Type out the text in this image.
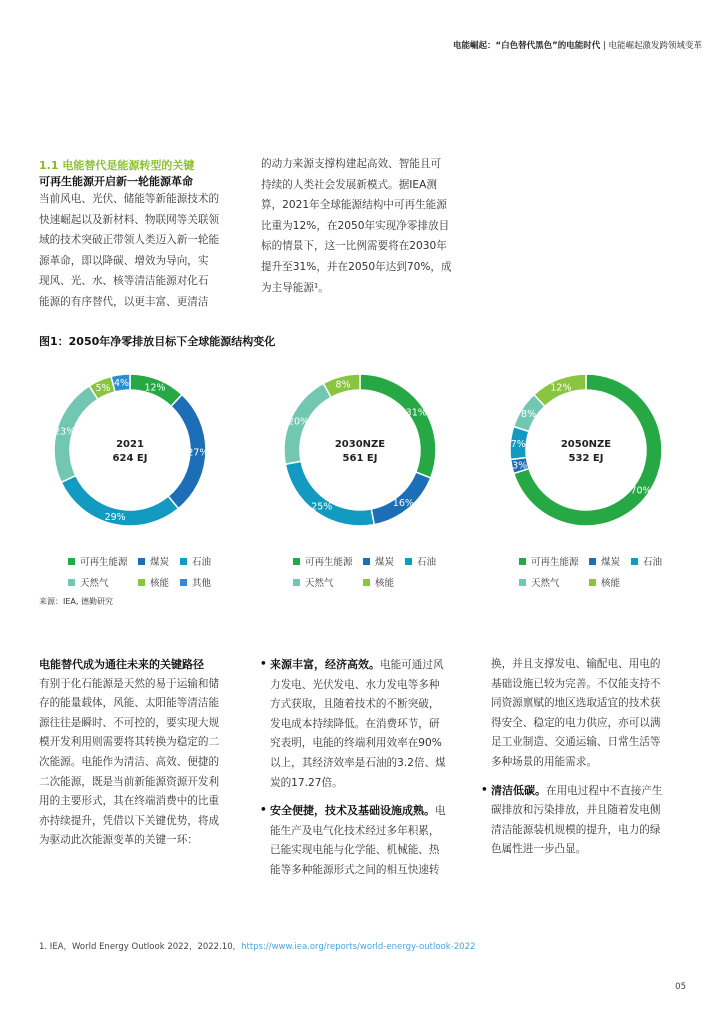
电能崛起：“白色替代黑色”的电能时代 | 电能崛起激发跨领域变革
1.1 电能替代是能源转型的关键
可再生能源开启新一轮能源革命
当前风电、光伏、储能等新能源技术的
快速崛起以及新材料、物联网等关联领
域的技术突破正带领人类迈入新一轮能
源革命，即以降碳、增效为导向，实
现风、光、水、核等清洁能源对化石
能源的有序替代，以更丰富、更清洁
的动力来源支撑构建起高效、智能且可
持续的人类社会发展新模式。据IEA测
算，2021年全球能源结构中可再生能源
比重为12%，在2050年实现净零排放目
标的情景下，这一比例需要将在2030年
提升至31%，并在2050年达到70%，成
为主导能源¹。
图1：2050年净零排放目标下全球能源结构变化
12%
27%
29%
23%
5% 4%
2021
624 EJ
31%
16%
25%
20%
8%
2030NZE
561 EJ
70%
3%
7%
8%
12%
2050NZE
532 EJ
来源：IEA, 德勤研究
电能替代成为通往未来的关键路径
有别于化石能源是天然的易于运输和储
存的能量载体，风能、太阳能等清洁能
源往往是瞬时、不可控的，要实现大规
模开发利用则需要将其转换为稳定的二
次能源。电能作为清洁、高效、便捷的
二次能源，既是当前新能源资源开发利
用的主要形式，其在终端消费中的比重
亦持续提升，凭借以下关键优势，将成
为驱动此次能源变革的关键一环：
• 来源丰富，经济高效。电能可通过风
力发电、光伏发电、水力发电等多种
方式获取，且随着技术的不断突破，
发电成本持续降低。在消费环节，研
究表明，电能的终端利用效率在90%
以上，其经济效率是石油的3.2倍、煤
炭的17.27倍。
• 安全便捷，技术及基础设施成熟。电
能生产及电气化技术经过多年积累，
已能实现电能与化学能、机械能、热
能等多种能源形式之间的相互快速转
换，并且支撑发电、输配电、用电的
基础设施已较为完善。不仅能支持不
同资源禀赋的地区选取适宜的技术获
得安全、稳定的电力供应，亦可以满
足工业制造、交通运输、日常生活等
多种场景的用能需求。
• 清洁低碳。在用电过程中不直接产生
碳排放和污染排放，并且随着发电侧
清洁能源装机规模的提升，电力的绿
色属性进一步凸显。
1. IEA，World Energy Outlook 2022，2022.10，https://www.iea.org/reports/world-energy-outlook-2022
05
可再生能源	煤炭	石油
天然气	核能	其他
可再生能源	煤炭	石油
天然气	核能
可再生能源	煤炭	石油
天然气	核能
